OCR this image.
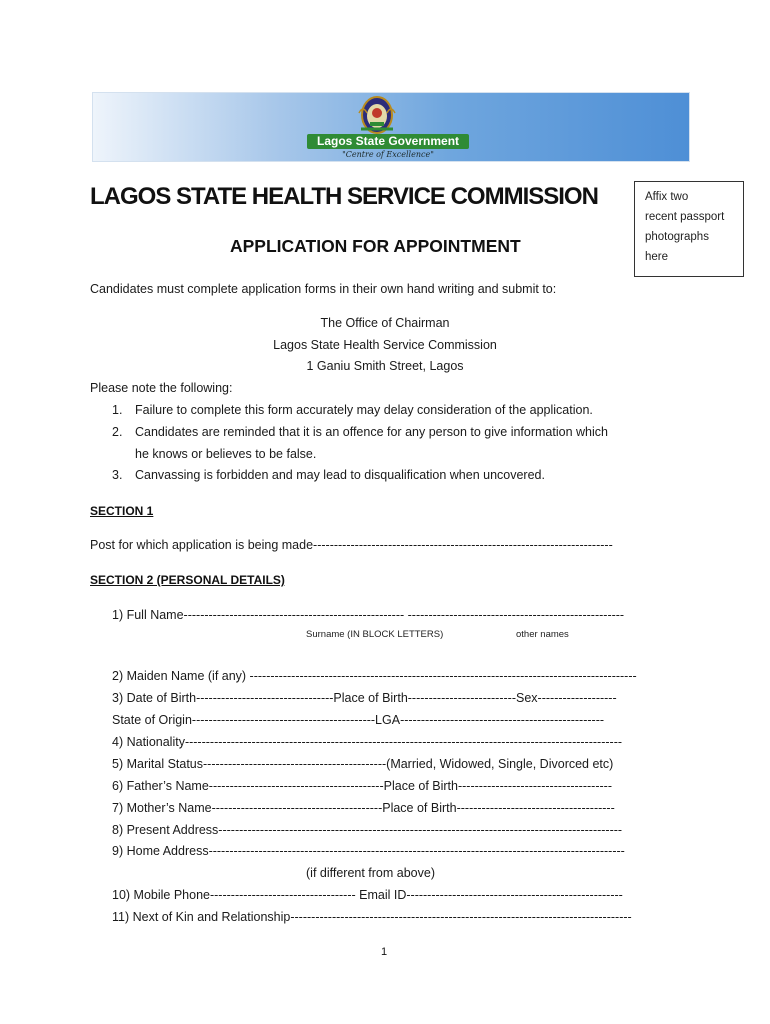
Lagos State Government
"Centre of Excellence"
LAGOS STATE HEALTH SERVICE COMMISSION
APPLICATION FOR APPOINTMENT
Affix two
recent passport
photographs
here
Candidates must complete application forms in their own hand writing and submit to:
The Office of Chairman
Lagos State Health Service Commission
1 Ganiu Smith Street, Lagos
Please note the following:
1. Failure to complete this form accurately may delay consideration of the application.
2. Candidates are reminded that it is an offence for any person to give information which
he knows or believes to be false.
3. Canvassing is forbidden and may lead to disqualification when uncovered.
SECTION 1
Post for which application is being made------------------------------------------------------------------------
SECTION 2 (PERSONAL DETAILS)
1) Full Name----------------------------------------------------- ----------------------------------------------------
Surname (IN BLOCK LETTERS)	other names
2) Maiden Name (if any) ---------------------------------------------------------------------------------------------
3) Date of Birth---------------------------------Place of Birth--------------------------Sex-------------------
State of Origin--------------------------------------------LGA-------------------------------------------------
4) Nationality---------------------------------------------------------------------------------------------------------
5) Marital Status--------------------------------------------(Married, Widowed, Single, Divorced etc)
6) Father’s Name------------------------------------------Place of Birth-------------------------------------
7) Mother’s Name-----------------------------------------Place of Birth--------------------------------------
8) Present Address-------------------------------------------------------------------------------------------------
9) Home Address----------------------------------------------------------------------------------------------------
(if different from above)
10) Mobile Phone----------------------------------- Email ID----------------------------------------------------
11) Next of Kin and Relationship----------------------------------------------------------------------------------
1
